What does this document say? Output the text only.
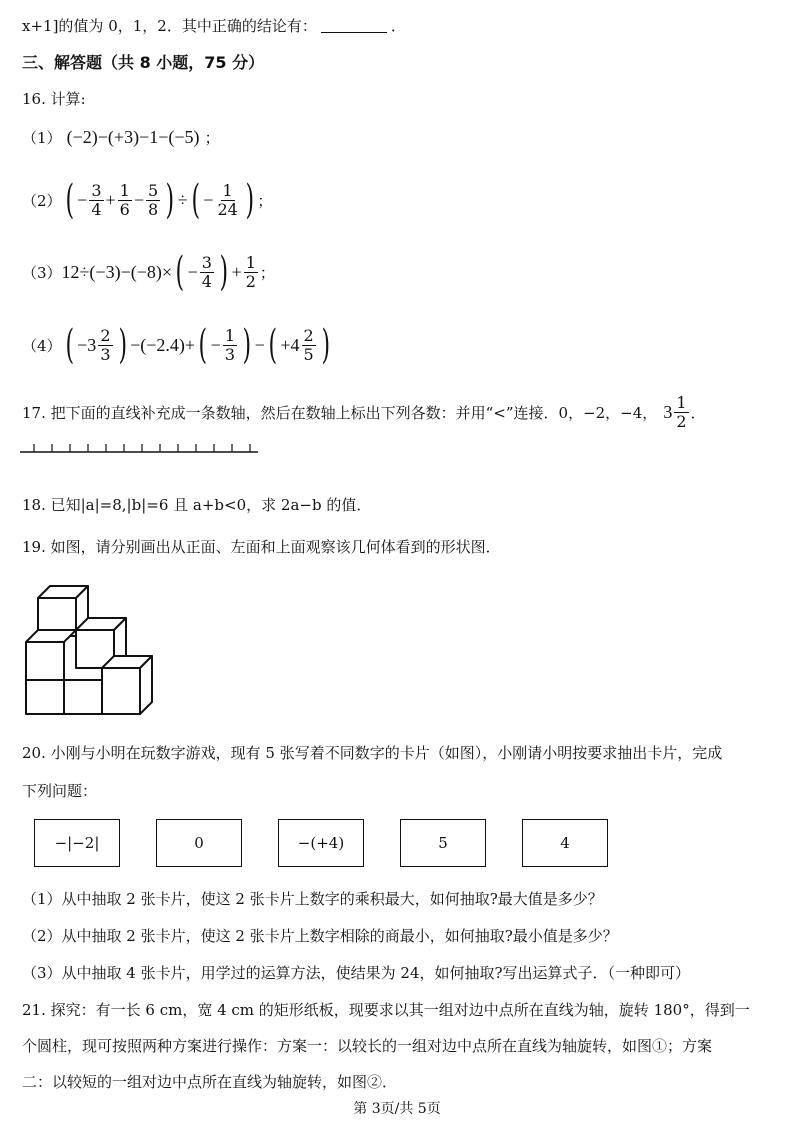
x+1]的值为 0，1，2．其中正确的结论有：	．
三、解答题（共 8 小题，75 分）
16. 计算:
（1） (−2)−(+3)−1−(−5) ；
（2） ( − $\frac{3}{4} + \frac{1}{6} - \frac{5}{8}$ ) ÷ ( − $\frac{1}{24}$ ) ；
（3） 12÷(−3)−(−8)× ( − $\frac{3}{4}$ ) + $\frac{1}{2}$ ；
（4） ( $-3 \frac{2}{3}$ ) −(−2.4)+ ( − $\frac{1}{3}$ ) − ( $+4 \frac{2}{5}$ )
17. 把下面的直线补充成一条数轴，然后在数轴上标出下列各数：并用“<”连接．0，−2，−4， $3 \frac{1}{2}$ ．
18. 已知|a|=8,|b|=6 且 a+b<0，求 2a−b 的值．
19. 如图，请分别画出从正面、左面和上面观察该几何体看到的形状图．
20. 小刚与小明在玩数字游戏，现有 5 张写着不同数字的卡片（如图），小刚请小明按要求抽出卡片，完成
下列问题：
−|−2|	0	−(+4)	5	4
（1）从中抽取 2 张卡片，使这 2 张卡片上数字的乘积最大，如何抽取?最大值是多少？
（2）从中抽取 2 张卡片，使这 2 张卡片上数字相除的商最小，如何抽取?最小值是多少？
（3）从中抽取 4 张卡片，用学过的运算方法，使结果为 24，如何抽取?写出运算式子．（一种即可）
21. 探究：有一长 6 cm，宽 4 cm 的矩形纸板，现要求以其一组对边中点所在直线为轴，旋转 180°，得到一
个圆柱，现可按照两种方案进行操作：方案一：以较长的一组对边中点所在直线为轴旋转，如图①；方案
二：以较短的一组对边中点所在直线为轴旋转，如图②．
第 3页/共 5页
